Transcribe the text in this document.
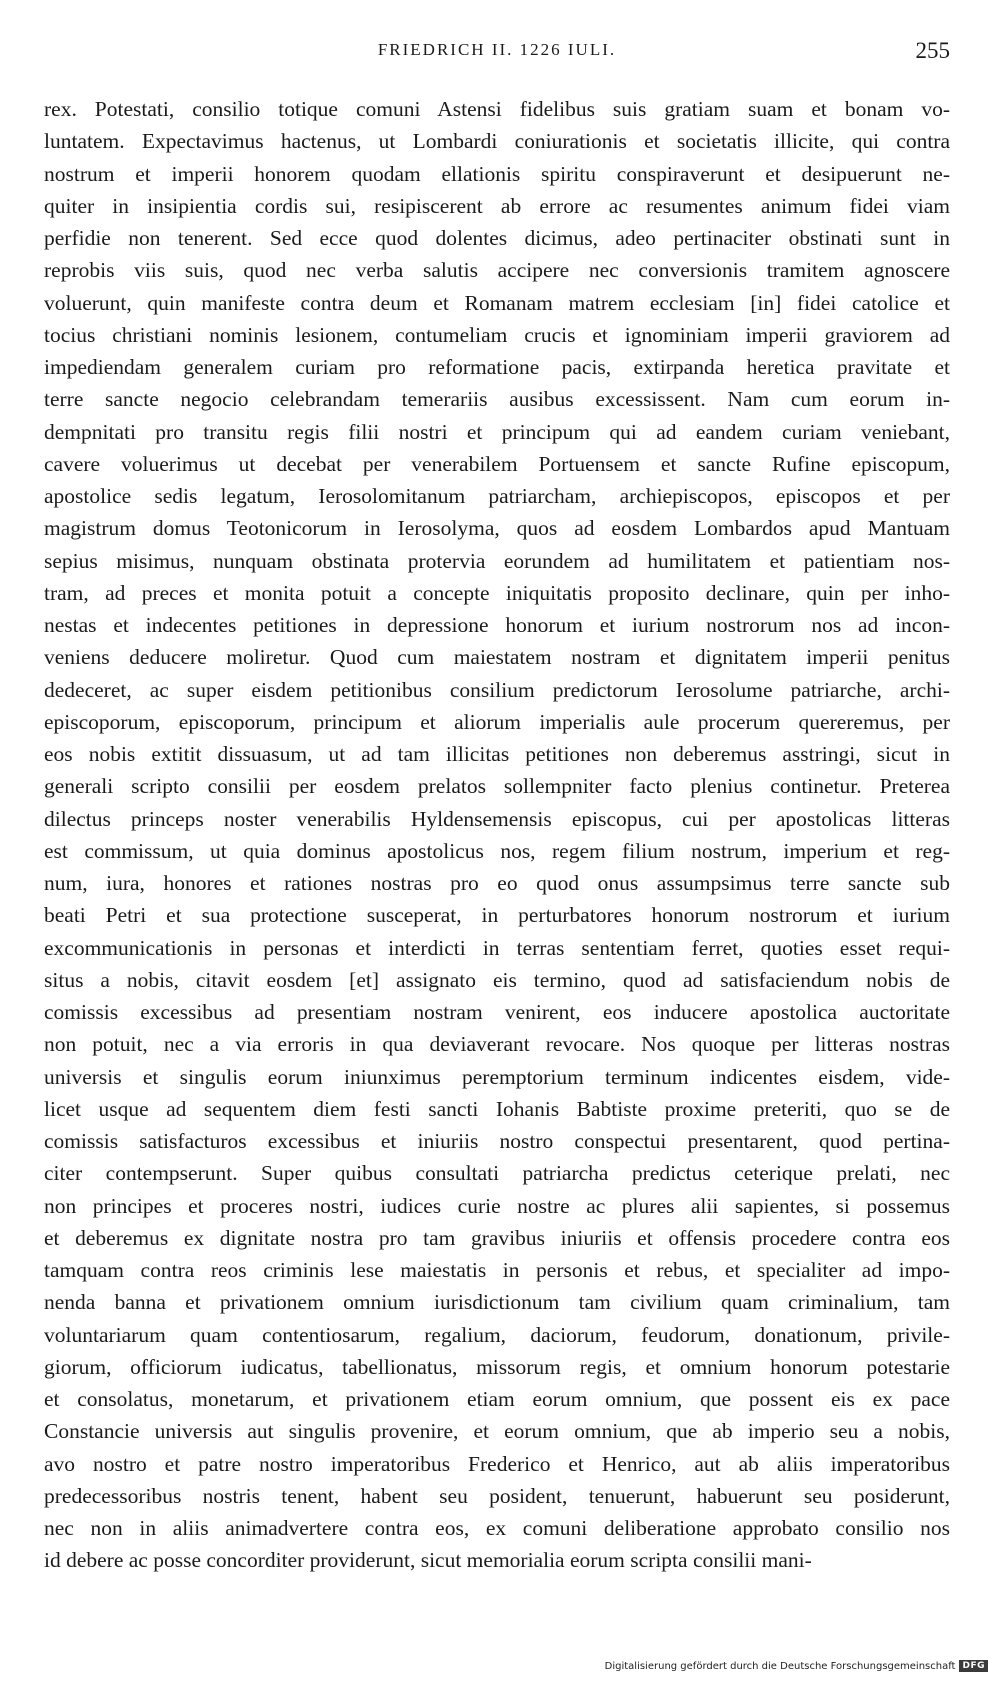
FRIEDRICH II. 1226 IULI.	255
rex. Potestati, consilio totique comuni Astensi fidelibus suis gratiam suam et bonam vo-
luntatem. Expectavimus hactenus, ut Lombardi coniurationis et societatis illicite, qui contra
nostrum et imperii honorem quodam ellationis spiritu conspiraverunt et desipuerunt ne-
quiter in insipientia cordis sui, resipiscerent ab errore ac resumentes animum fidei viam
perfidie non tenerent. Sed ecce quod dolentes dicimus, adeo pertinaciter obstinati sunt in
reprobis viis suis, quod nec verba salutis accipere nec conversionis tramitem agnoscere
voluerunt, quin manifeste contra deum et Romanam matrem ecclesiam [in] fidei catolice et
tocius christiani nominis lesionem, contumeliam crucis et ignominiam imperii graviorem ad
impediendam generalem curiam pro reformatione pacis, extirpanda heretica pravitate et
terre sancte negocio celebrandam temerariis ausibus excessissent. Nam cum eorum in-
dempnitati pro transitu regis filii nostri et principum qui ad eandem curiam veniebant,
cavere voluerimus ut decebat per venerabilem Portuensem et sancte Rufine episcopum,
apostolice sedis legatum, Ierosolomitanum patriarcham, archiepiscopos, episcopos et per
magistrum domus Teotonicorum in Ierosolyma, quos ad eosdem Lombardos apud Mantuam
sepius misimus, nunquam obstinata protervia eorundem ad humilitatem et patientiam nos-
tram, ad preces et monita potuit a concepte iniquitatis proposito declinare, quin per inho-
nestas et indecentes petitiones in depressione honorum et iurium nostrorum nos ad incon-
veniens deducere moliretur. Quod cum maiestatem nostram et dignitatem imperii penitus
dedeceret, ac super eisdem petitionibus consilium predictorum Ierosolume patriarche, archi-
episcoporum, episcoporum, principum et aliorum imperialis aule procerum quereremus, per
eos nobis extitit dissuasum, ut ad tam illicitas petitiones non deberemus asstringi, sicut in
generali scripto consilii per eosdem prelatos sollempniter facto plenius continetur. Preterea
dilectus princeps noster venerabilis Hyldensemensis episcopus, cui per apostolicas litteras
est commissum, ut quia dominus apostolicus nos, regem filium nostrum, imperium et reg-
num, iura, honores et rationes nostras pro eo quod onus assumpsimus terre sancte sub
beati Petri et sua protectione susceperat, in perturbatores honorum nostrorum et iurium
excommunicationis in personas et interdicti in terras sententiam ferret, quoties esset requi-
situs a nobis, citavit eosdem [et] assignato eis termino, quod ad satisfaciendum nobis de
comissis excessibus ad presentiam nostram venirent, eos inducere apostolica auctoritate
non potuit, nec a via erroris in qua deviaverant revocare. Nos quoque per litteras nostras
universis et singulis eorum iniunximus peremptorium terminum indicentes eisdem, vide-
licet usque ad sequentem diem festi sancti Iohanis Babtiste proxime preteriti, quo se de
comissis satisfacturos excessibus et iniuriis nostro conspectui presentarent, quod pertina-
citer contempserunt. Super quibus consultati patriarcha predictus ceterique prelati, nec
non principes et proceres nostri, iudices curie nostre ac plures alii sapientes, si possemus
et deberemus ex dignitate nostra pro tam gravibus iniuriis et offensis procedere contra eos
tamquam contra reos criminis lese maiestatis in personis et rebus, et specialiter ad impo-
nenda banna et privationem omnium iurisdictionum tam civilium quam criminalium, tam
voluntariarum quam contentiosarum, regalium, daciorum, feudorum, donationum, privile-
giorum, officiorum iudicatus, tabellionatus, missorum regis, et omnium honorum potestarie
et consolatus, monetarum, et privationem etiam eorum omnium, que possent eis ex pace
Constancie universis aut singulis provenire, et eorum omnium, que ab imperio seu a nobis,
avo nostro et patre nostro imperatoribus Frederico et Henrico, aut ab aliis imperatoribus
predecessoribus nostris tenent, habent seu posident, tenuerunt, habuerunt seu posiderunt,
nec non in aliis animadvertere contra eos, ex comuni deliberatione approbato consilio nos
id debere ac posse concorditer providerunt, sicut memorialia eorum scripta consilii mani-
Digitalisierung gefördert durch die Deutsche Forschungsgemeinschaft DFG
